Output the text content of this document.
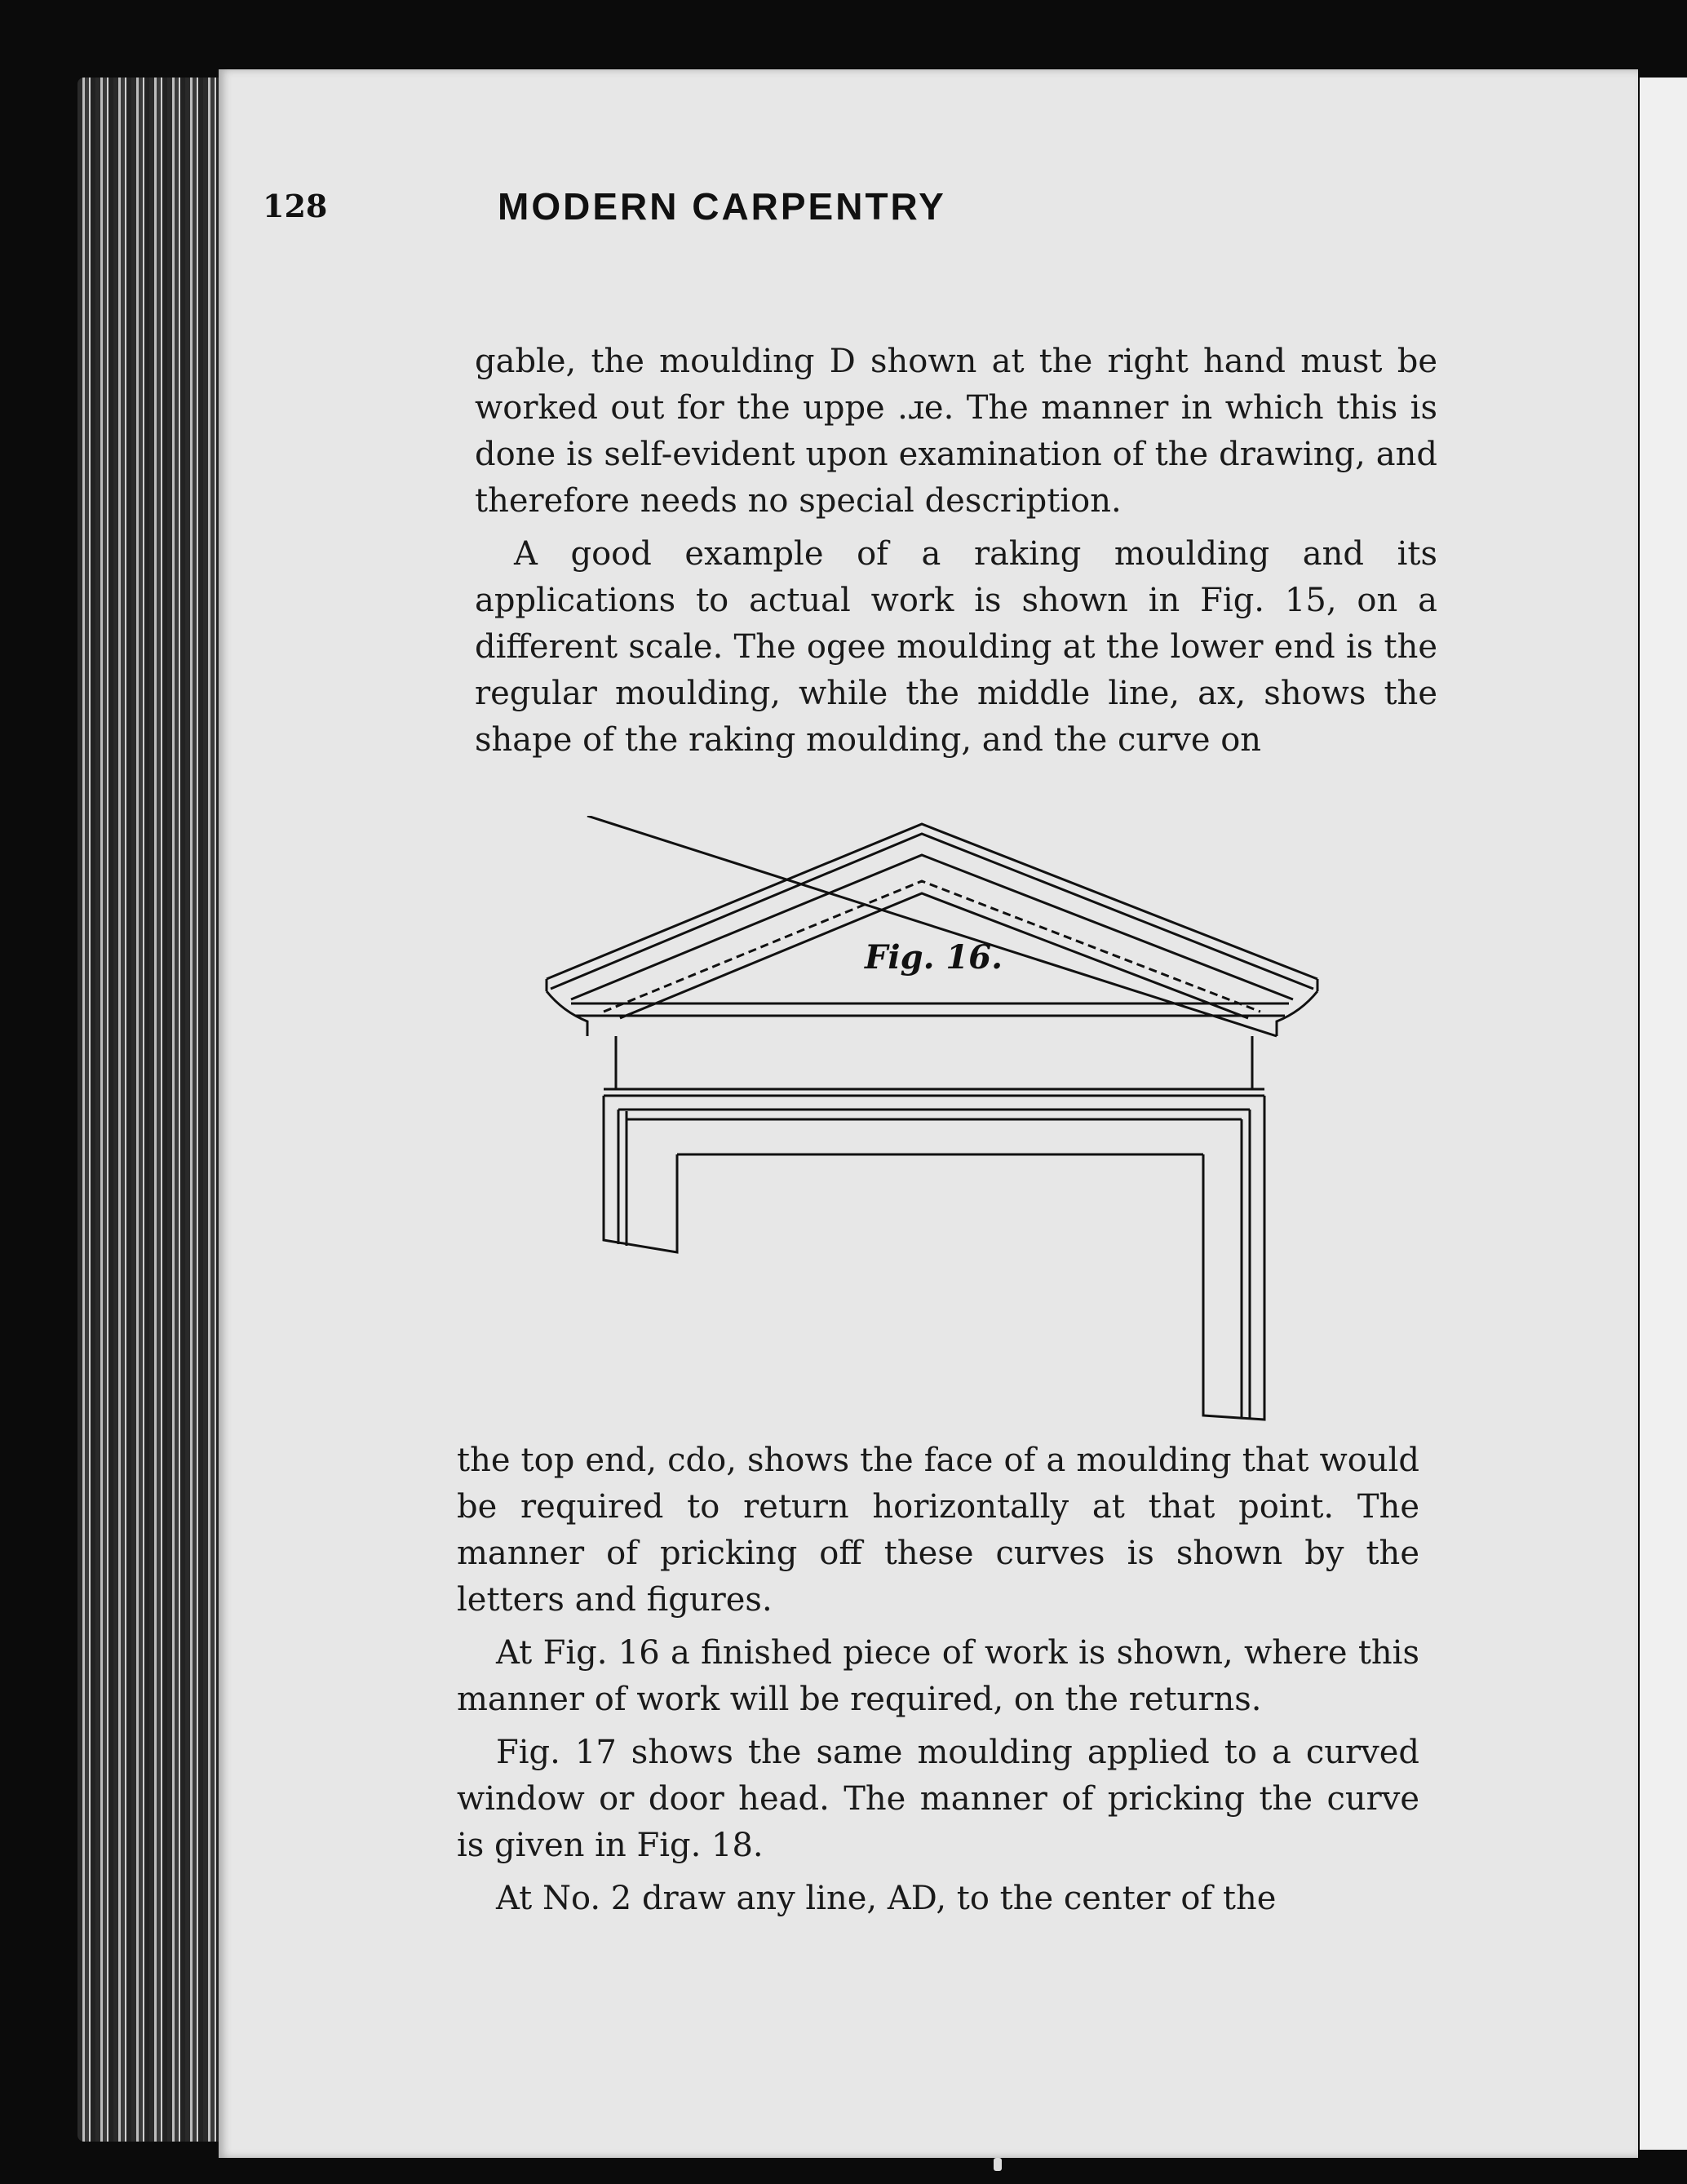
128	MODERN CARPENTRY

gable, the moulding D shown at the right hand must be worked out for the uppe .ɹe. The manner in which this is done is self-evident upon examination of the drawing, and therefore needs no special description.

A good example of a raking moulding and its applications to actual work is shown in Fig. 15, on a different scale. The ogee moulding at the lower end is the regular moulding, while the middle line, ax, shows the shape of the raking moulding, and the curve on

Fig. 16.

the top end, cdo, shows the face of a moulding that would be required to return horizontally at that point. The manner of pricking off these curves is shown by the letters and figures.

At Fig. 16 a finished piece of work is shown, where this manner of work will be required, on the returns.

Fig. 17 shows the same moulding applied to a curved window or door head. The manner of pricking the curve is given in Fig. 18.

At No. 2 draw any line, AD, to the center of the
